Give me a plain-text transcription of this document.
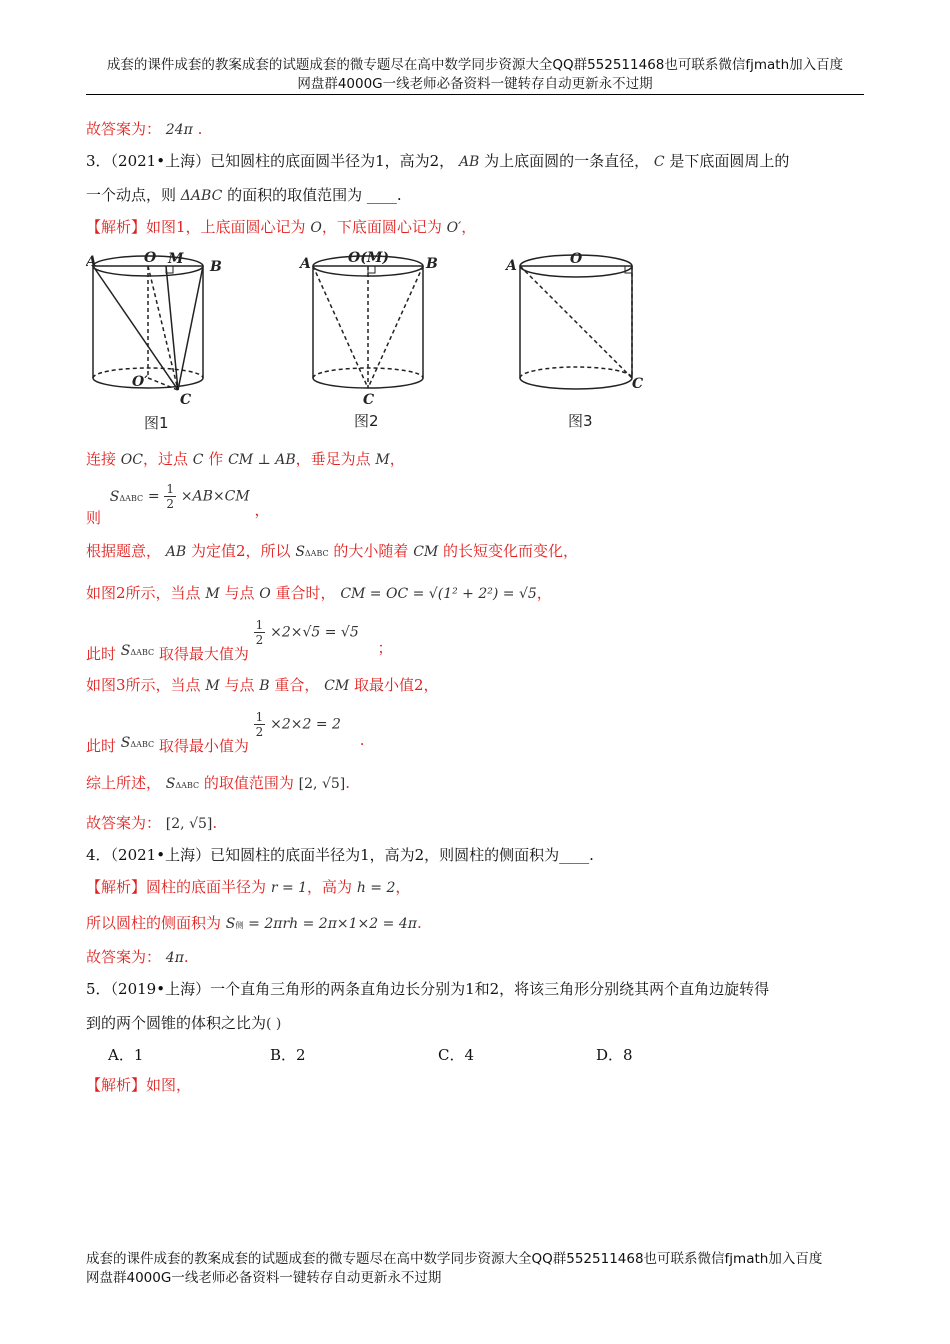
成套的课件成套的教案成套的试题成套的微专题尽在高中数学同步资源大全QQ群552511468也可联系微信fjmath加入百度
网盘群4000G一线老师必备资料一键转存自动更新永不过期
故答案为： 24π .
3．（2021•上海）已知圆柱的底面圆半径为1，高为2， AB 为上底面圆的一条直径， C 是下底面圆周上的
一个动点，则 ΔABC 的面积的取值范围为 ____.
【解析】如图1，上底面圆心记为 O，下底面圆心记为 O′，
A	O M B
O′
C
A	O(M)	B
C
A	O
C
图1	图2	图3
连接 OC，过点 C 作 CM ⊥ AB，垂足为点 M，
则 $S\Delta ABC = \frac{1}{2} \times AB\times CM$ ，
根据题意， AB 为定值2，所以 SΔABC 的大小随着 CM 的长短变化而变化，
如图2所示，当点 M 与点 O 重合时， CM = OC = √(1² + 2²) = √5，
此时 SΔABC 取得最大值为
$\frac{1}{2} \times 2\times√5 = √5$ ；
如图3所示，当点 M 与点 B 重合， CM 取最小值2，
此时 SΔABC 取得最小值为
$\frac{1}{2} \times 2\times 2 = 2$ .
综上所述， SΔABC 的取值范围为 [2, √5].
故答案为： [2, √5].
4．（2021•上海）已知圆柱的底面半径为1，高为2，则圆柱的侧面积为____.
【解析】圆柱的底面半径为 r = 1，高为 h = 2，
所以圆柱的侧面积为 S侧 = 2πrh = 2π×1×2 = 4π.
故答案为： 4π.
5．（2019•上海）一个直角三角形的两条直角边长分别为1和2，将该三角形分别绕其两个直角边旋转得
到的两个圆锥的体积之比为( )
A．1	B．2	C．4	D．8
【解析】如图，
成套的课件成套的教案成套的试题成套的微专题尽在高中数学同步资源大全QQ群552511468也可联系微信fjmath加入百度
网盘群4000G一线老师必备资料一键转存自动更新永不过期
